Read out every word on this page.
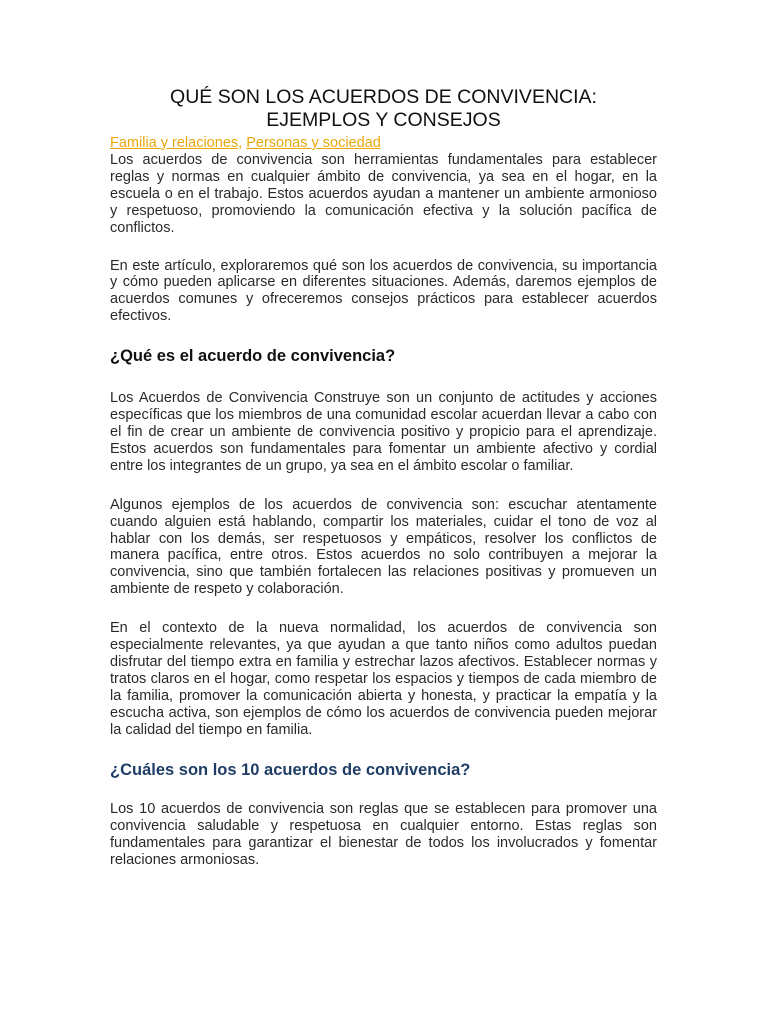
QUÉ SON LOS ACUERDOS DE CONVIVENCIA:
EJEMPLOS Y CONSEJOS
Familia y relaciones, Personas y sociedad

Los acuerdos de convivencia son herramientas fundamentales para establecer reglas y normas en cualquier ámbito de convivencia, ya sea en el hogar, en la escuela o en el trabajo. Estos acuerdos ayudan a mantener un ambiente armonioso y respetuoso, promoviendo la comunicación efectiva y la solución pacífica de conflictos.

En este artículo, exploraremos qué son los acuerdos de convivencia, su importancia y cómo pueden aplicarse en diferentes situaciones. Además, daremos ejemplos de acuerdos comunes y ofreceremos consejos prácticos para establecer acuerdos efectivos.

¿Qué es el acuerdo de convivencia?

Los Acuerdos de Convivencia Construye son un conjunto de actitudes y acciones específicas que los miembros de una comunidad escolar acuerdan llevar a cabo con el fin de crear un ambiente de convivencia positivo y propicio para el aprendizaje. Estos acuerdos son fundamentales para fomentar un ambiente afectivo y cordial entre los integrantes de un grupo, ya sea en el ámbito escolar o familiar.

Algunos ejemplos de los acuerdos de convivencia son: escuchar atentamente cuando alguien está hablando, compartir los materiales, cuidar el tono de voz al hablar con los demás, ser respetuosos y empáticos, resolver los conflictos de manera pacífica, entre otros. Estos acuerdos no solo contribuyen a mejorar la convivencia, sino que también fortalecen las relaciones positivas y promueven un ambiente de respeto y colaboración.

En el contexto de la nueva normalidad, los acuerdos de convivencia son especialmente relevantes, ya que ayudan a que tanto niños como adultos puedan disfrutar del tiempo extra en familia y estrechar lazos afectivos. Establecer normas y tratos claros en el hogar, como respetar los espacios y tiempos de cada miembro de la familia, promover la comunicación abierta y honesta, y practicar la empatía y la escucha activa, son ejemplos de cómo los acuerdos de convivencia pueden mejorar la calidad del tiempo en familia.

¿Cuáles son los 10 acuerdos de convivencia?

Los 10 acuerdos de convivencia son reglas que se establecen para promover una convivencia saludable y respetuosa en cualquier entorno. Estas reglas son fundamentales para garantizar el bienestar de todos los involucrados y fomentar relaciones armoniosas.
